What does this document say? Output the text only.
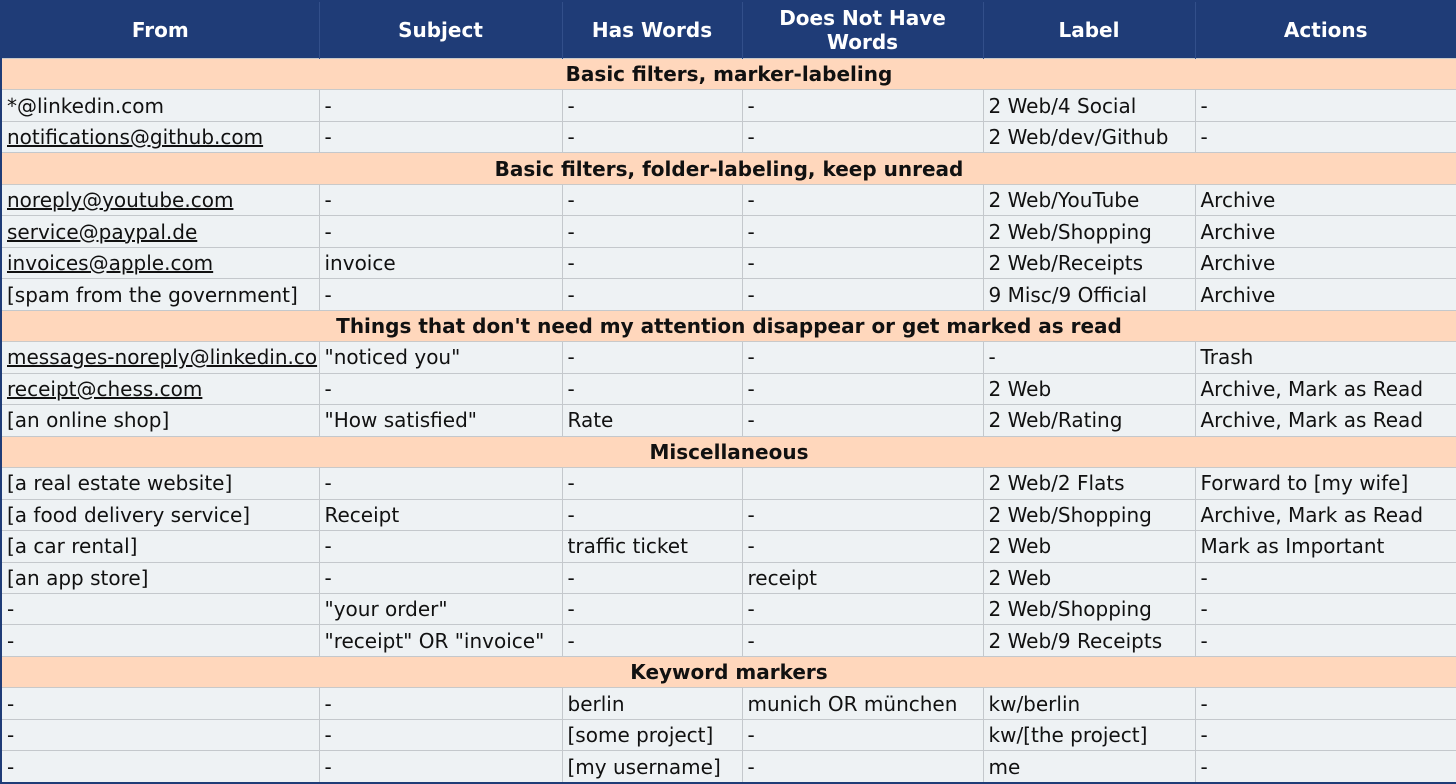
From	Subject	Has Words	Does Not Have Words	Label	Actions
Basic filters, marker-labeling					
*@linkedin.com	-	-	-	2 Web/4 Social	-
notifications@github.com	-	-	-	2 Web/dev/Github	-
Basic filters, folder-labeling, keep unread					
noreply@youtube.com	-	-	-	2 Web/YouTube	Archive
service@paypal.de	-	-	-	2 Web/Shopping	Archive
invoices@apple.com	invoice	-	-	2 Web/Receipts	Archive
[spam from the government]	-	-	-	9 Misc/9 Official	Archive
Things that don't need my attention disappear or get marked as read					
messages-noreply@linkedin.co	"noticed you"	-	-	-	Trash
receipt@chess.com	-	-	-	2 Web	Archive, Mark as Read
[an online shop]	"How satisfied"	Rate	-	2 Web/Rating	Archive, Mark as Read
Miscellaneous					
[a real estate website]	-	-		2 Web/2 Flats	Forward to [my wife]
[a food delivery service]	Receipt	-	-	2 Web/Shopping	Archive, Mark as Read
[a car rental]	-	traffic ticket	-	2 Web	Mark as Important
[an app store]	-	-	receipt	2 Web	-
-	"your order"	-	-	2 Web/Shopping	-
-	"receipt" OR "invoice"	-	-	2 Web/9 Receipts	-
Keyword markers					
-	-	berlin	munich OR münchen	kw/berlin	-
-	-	[some project]	-	kw/[the project]	-
-	-	[my username]	-	me	-
